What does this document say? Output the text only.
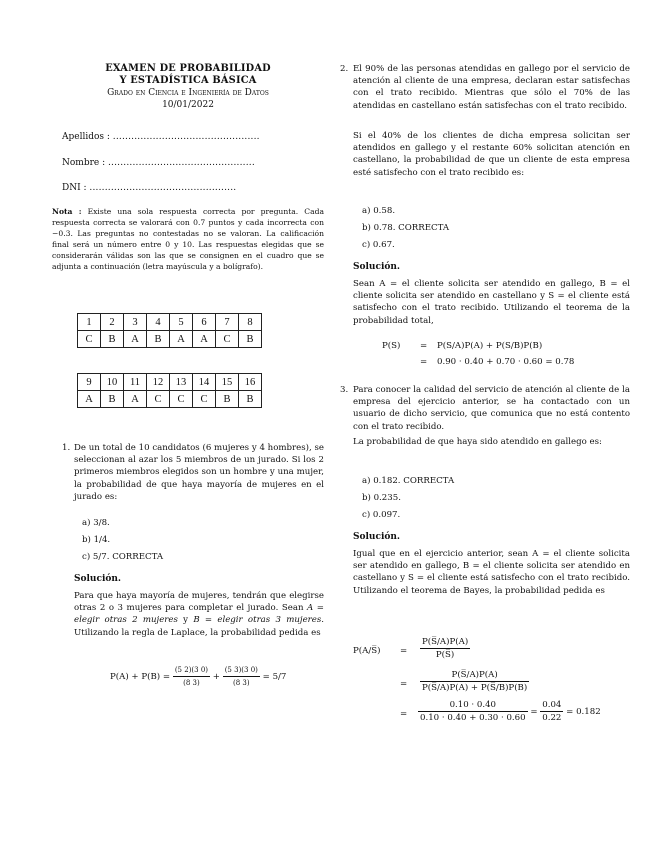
EXAMEN DE PROBABILIDAD
Y ESTADÍSTICA BÁSICA
Grado en Ciencia e Ingeniería de Datos
10/01/2022
Apellidos : ................................................
Nombre : ................................................
DNI : ................................................
Nota : Existe una sola respuesta correcta por pregunta. Cada respuesta correcta se valorará con 0.7 puntos y cada incorrecta con −0.3. Las preguntas no contestadas no se valoran. La calificación final será un número entre 0 y 10. Las respuestas elegidas que se considerarán válidas son las que se consignen en el cuadro que se adjunta a continuación (letra mayúscula y a bolígrafo).
1	2	3	4	5	6	7	8
C	B	A	B	A	A	C	B
9	10	11	12	13	14	15	16
A	B	A	C	C	C	B	B
1. De un total de 10 candidatos (6 mujeres y 4 hombres), se seleccionan al azar los 5 miembros de un jurado. Si los 2 primeros miembros elegidos son un hombre y una mujer, la probabilidad de que haya mayoría de mujeres en el jurado es:
a) 3/8.
b) 1/4.
c) 5/7. CORRECTA
Solución.
Para que haya mayoría de mujeres, tendrán que elegirse otras 2 o 3 mujeres para completar el jurado. Sean A = elegir otras 2 mujeres y B = elegir otras 3 mujeres. Utilizando la regla de Laplace, la probabilidad pedida es
$P(A) + P(B) = \frac{(5 2)(3 0)}{(8 3)} + \frac{(5 3)(3 0)}{(8 3)} = 5/7$
2. El 90% de las personas atendidas en gallego por el servicio de atención al cliente de una empresa, declaran estar satisfechas con el trato recibido. Mientras que sólo el 70% de las atendidas en castellano están satisfechas con el trato recibido.
Si el 40% de los clientes de dicha empresa solicitan ser atendidos en gallego y el restante 60% solicitan atención en castellano, la probabilidad de que un cliente de esta empresa esté satisfecho con el trato recibido es:
a) 0.58.
b) 0.78. CORRECTA
c) 0.67.
Solución.
Sean A = el cliente solicita ser atendido en gallego, B = el cliente solicita ser atendido en castellano y S = el cliente está satisfecho con el trato recibido. Utilizando el teorema de la probabilidad total,
P(S) = P(S/A)P(A) + P(S/B)P(B)
= 0.90 · 0.40 + 0.70 · 0.60 = 0.78
3. Para conocer la calidad del servicio de atención al cliente de la empresa del ejercicio anterior, se ha contactado con un usuario de dicho servicio, que comunica que no está contento con el trato recibido.
La probabilidad de que haya sido atendido en gallego es:
a) 0.182. CORRECTA
b) 0.235.
c) 0.097.
Solución.
Igual que en el ejercicio anterior, sean A = el cliente solicita ser atendido en gallego, B = el cliente solicita ser atendido en castellano y S = el cliente está satisfecho con el trato recibido. Utilizando el teorema de Bayes, la probabilidad pedida es
P(A/S̅) = $\frac{P(S̅/A)P(A)}{P(S̅)}$
= $\frac{P(S̅/A)P(A)}{P(S̅/A)P(A) + P(S̅/B)P(B)}$
= $\frac{0.10 \cdot 0.40}{0.10 \cdot 0.40 + 0.30 \cdot 0.60} = \frac{0.04}{0.22} = 0.182$
